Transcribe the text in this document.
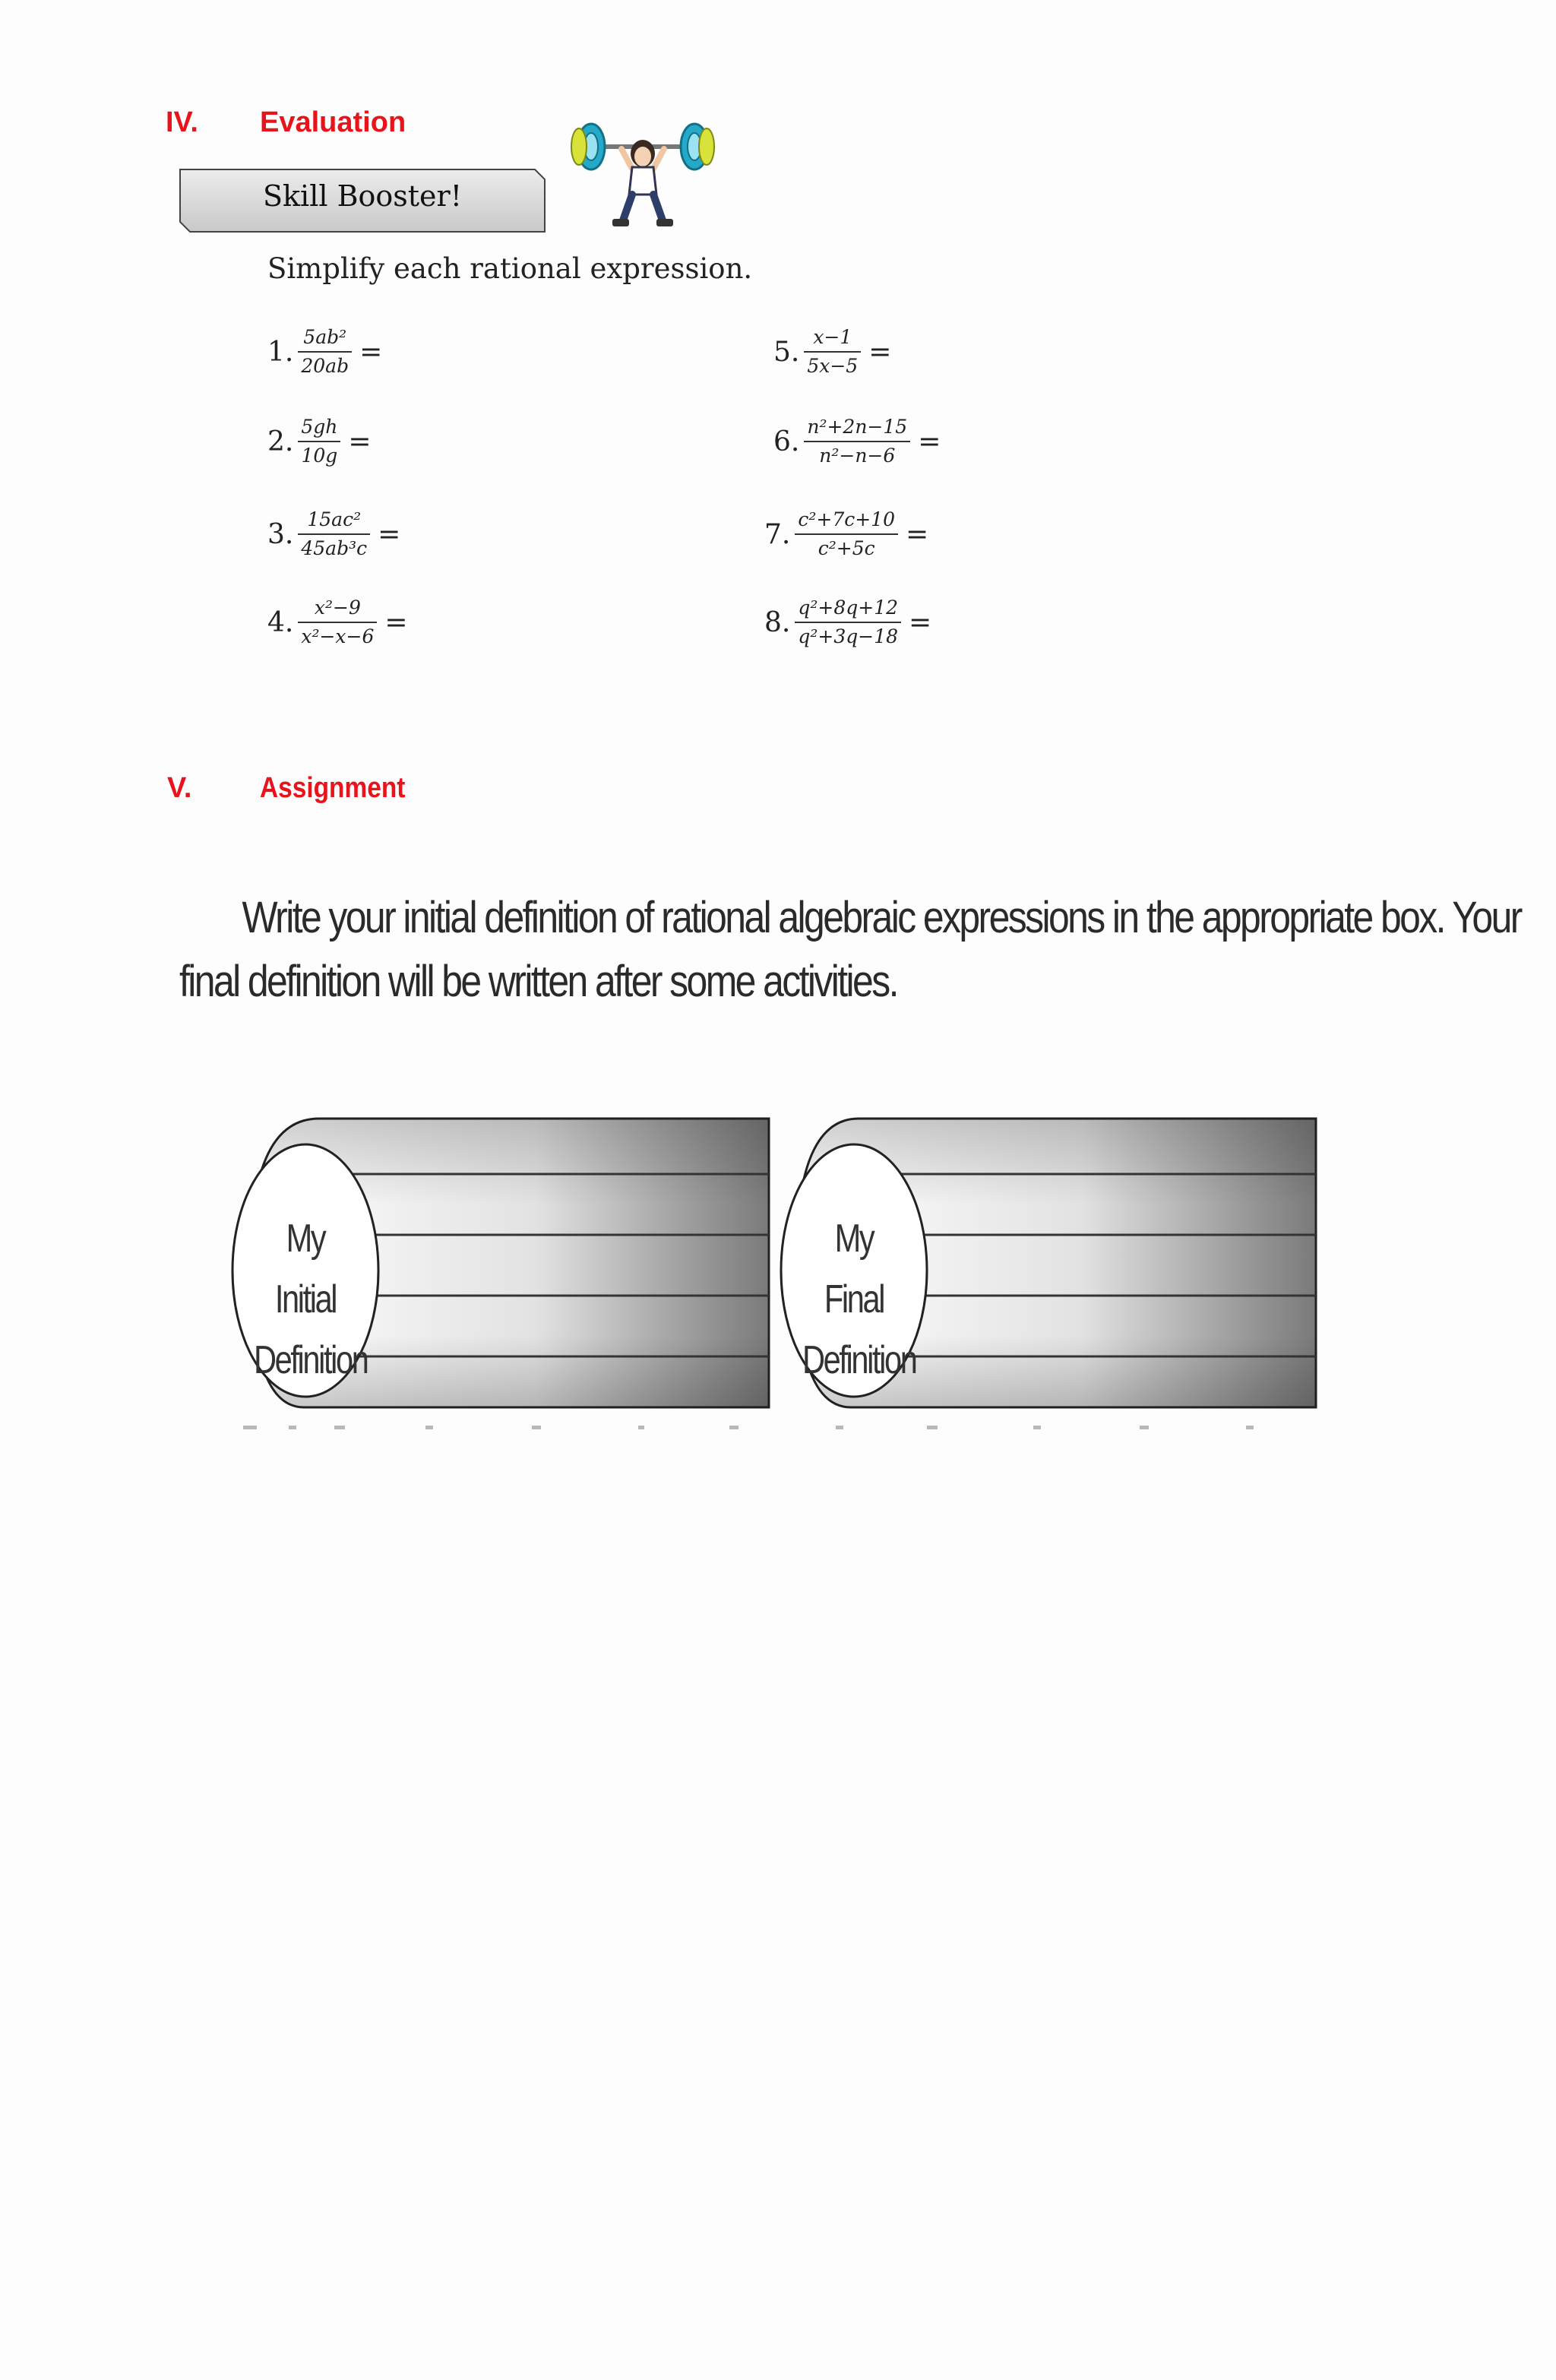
IV. Evaluation
Skill Booster!
Simplify each rational expression.
1. $\frac{\text{5ab²}}{20ab}$ =
2. $\frac{5gh}{10g}$ =
3. $\frac{\text{15ac²}}{\text{45ab³c}}$ =
4. $\frac{\text{x²−9}}{\text{x²−x−6}}$ =
5. $\frac{x-1}{5x-5}$ =
6. $\frac{\text{n²+2n−15}}{\text{n²−n−6}}$ =
7. $\frac{\text{c²+7c+10}}{\text{c²+5c}}$ =
8. $\frac{\text{q²+8q+12}}{\text{q²+3q−18}}$ =
V. Assignment
Write your initial definition of rational algebraic expressions in the appropriate box. Your
final definition will be written after some activities.
My Initial
Definition
My Final
Definition
